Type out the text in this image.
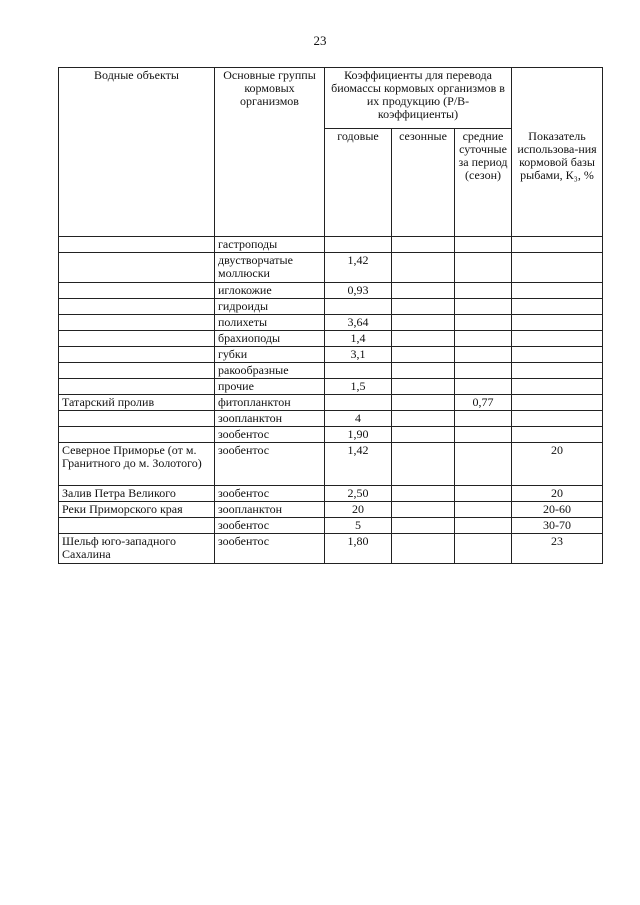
23
Водные объекты	Основные группы кормовых организмов	Коэффициенты для перевода биомассы кормовых организмов в их продукцию (Р/В-коэффициенты)			
		годовые	сезонные	средние суточные за период (сезон)	Показатель использова-ния кормовой базы рыбами, К₃, %
	гастроподы				
	двустворчатые моллюски	1,42			
	иглокожие	0,93			
	гидроиды				
	полихеты	3,64			
	брахиоподы	1,4			
	губки	3,1			
	ракообразные				
	прочие	1,5			
Татарский пролив	фитопланктон			0,77	
	зоопланктон	4			
	зообентос	1,90			
Северное Приморье (от м. Гранитного до м. Золотого)	зообентос	1,42			20
Залив Петра Великого	зообентос	2,50			20
Реки Приморского края	зоопланктон	20			20-60
	зообентос	5			30-70
Шельф юго-западного Сахалина	зообентос	1,80			23
